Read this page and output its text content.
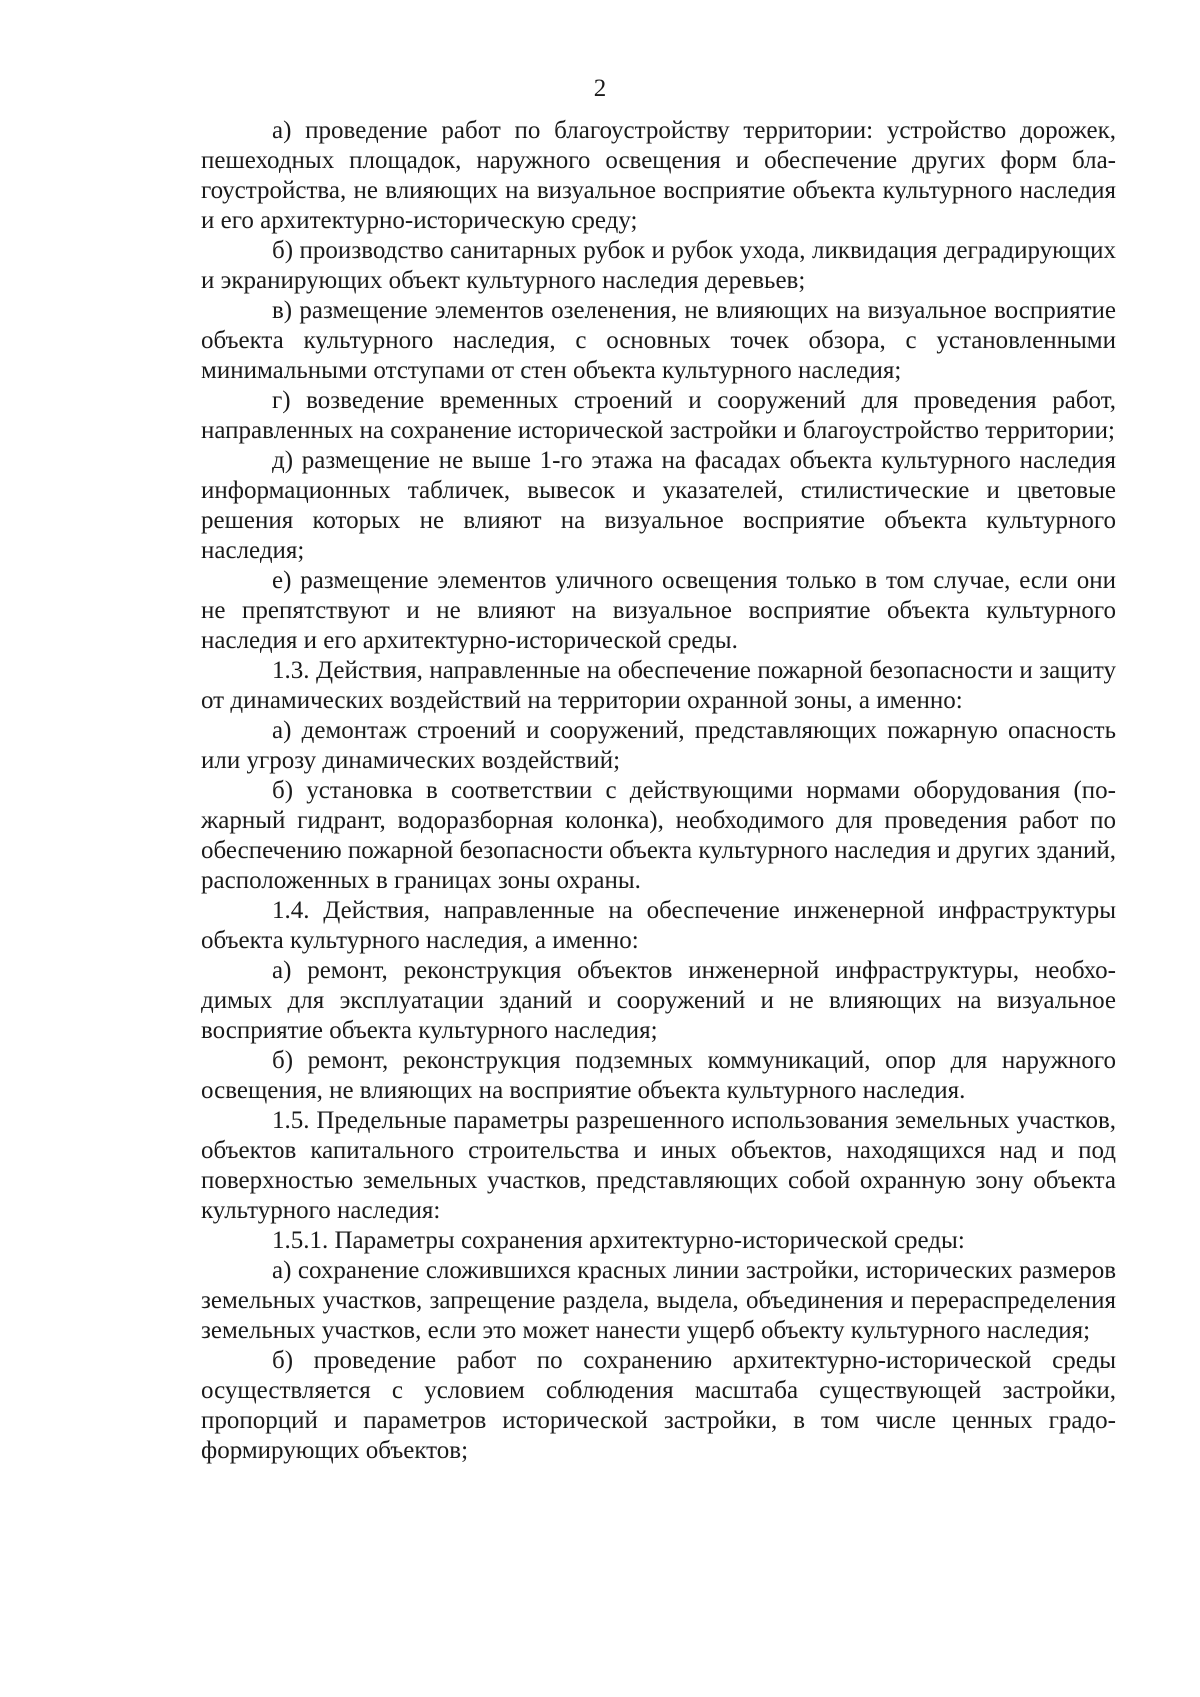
2

а) проведение работ по благоустройству территории: устройство дорожек, пешеходных площадок, наружного освещения и обеспечение других форм благоустройства, не влияющих на визуальное восприятие объекта культурного наследия и его архитектурно-историческую среду;

б) производство санитарных рубок и рубок ухода, ликвидация деградирующих и экранирующих объект культурного наследия деревьев;

в) размещение элементов озеленения, не влияющих на визуальное восприятие объекта культурного наследия, с основных точек обзора, с установленными минимальными отступами от стен объекта культурного наследия;

г) возведение временных строений и сооружений для проведения работ, направленных на сохранение исторической застройки и благоустройство территории;

д) размещение не выше 1-го этажа на фасадах объекта культурного наследия информационных табличек, вывесок и указателей, стилистические и цветовые решения которых не влияют на визуальное восприятие объекта культурного наследия;

е) размещение элементов уличного освещения только в том случае, если они не препятствуют и не влияют на визуальное восприятие объекта культурного наследия и его архитектурно-исторической среды.

1.3. Действия, направленные на обеспечение пожарной безопасности и защиту от динамических воздействий на территории охранной зоны, а именно:

а) демонтаж строений и сооружений, представляющих пожарную опасность или угрозу динамических воздействий;

б) установка в соответствии с действующими нормами оборудования (пожарный гидрант, водоразборная колонка), необходимого для проведения работ по обеспечению пожарной безопасности объекта культурного наследия и других зданий, расположенных в границах зоны охраны.

1.4. Действия, направленные на обеспечение инженерной инфраструктуры объекта культурного наследия, а именно:

а) ремонт, реконструкция объектов инженерной инфраструктуры, необходимых для эксплуатации зданий и сооружений и не влияющих на визуальное восприятие объекта культурного наследия;

б) ремонт, реконструкция подземных коммуникаций, опор для наружного освещения, не влияющих на восприятие объекта культурного наследия.

1.5. Предельные параметры разрешенного использования земельных участков, объектов капитального строительства и иных объектов, находящихся над и под поверхностью земельных участков, представляющих собой охранную зону объекта культурного наследия:

1.5.1. Параметры сохранения архитектурно-исторической среды:

а) сохранение сложившихся красных линии застройки, исторических размеров земельных участков, запрещение раздела, выдела, объединения и перераспределения земельных участков, если это может нанести ущерб объекту культурного наследия;

б) проведение работ по сохранению архитектурно-исторической среды осуществляется с условием соблюдения масштаба существующей застройки, пропорций и параметров исторической застройки, в том числе ценных градоформирующих объектов;
